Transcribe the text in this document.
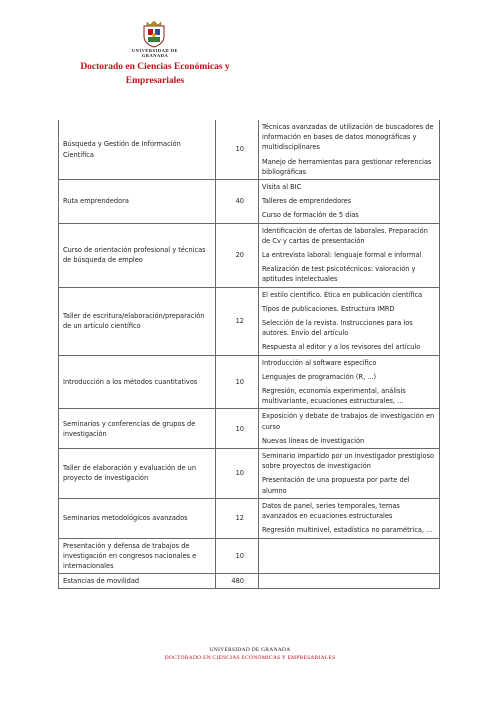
UNIVERSIDAD DE GRANADA
Doctorado en Ciencias Económicas y Empresariales
Búsqueda y Gestión de Información Científica	10	Técnicas avanzadas de utilización de buscadores de información en bases de datos monográficas y multidisciplinares
Manejo de herramientas para gestionar referencias bibliográficas

Ruta emprendedora	40	Visita al BIC
Talleres de emprendedores
Curso de formación de 5 días

Curso de orientación profesional y técnicas de búsqueda de empleo	20	Identificación de ofertas de laborales. Preparación de Cv y cartas de presentación
La entrevista laboral: lenguaje formal e informal
Realización de test psicotécnicos: valoración y aptitudes intelectuales

Taller de escritura/elaboración/preparación de un artículo científico	12	El estilo científico. Ética en publicación científica
Tipos de publicaciones. Estructura IMRD
Selección de la revista. Instrucciones para los autores. Envío del artículo
Respuesta al editor y a los revisores del artículo

Introducción a los métodos cuantitativos	10	Introducción al software específico
Lenguajes de programación (R, ...)
Regresión, economía experimental, análisis multivariante, ecuaciones estructurales, ...

Seminarios y conferencias de grupos de investigación	10	Exposición y debate de trabajos de investigación en curso
Nuevas líneas de investigación

Taller de elaboración y evaluación de un proyecto de investigación	10	Seminario impartido por un investigador prestigioso sobre proyectos de investigación
Presentación de una propuesta por parte del alumno

Seminarios metodológicos avanzados	12	Datos de panel, series temporales, temas avanzados en ecuaciones estructurales
Regresión multinivel, estadística no paramétrica, ...

Presentación y defensa de trabajos de investigación en congresos nacionales e internacionales	10	
Estancias de movilidad	480	
UNIVERSIDAD DE GRANADA
DOCTORADO EN CIENCIAS ECONÓMICAS Y EMPRESARIALES
